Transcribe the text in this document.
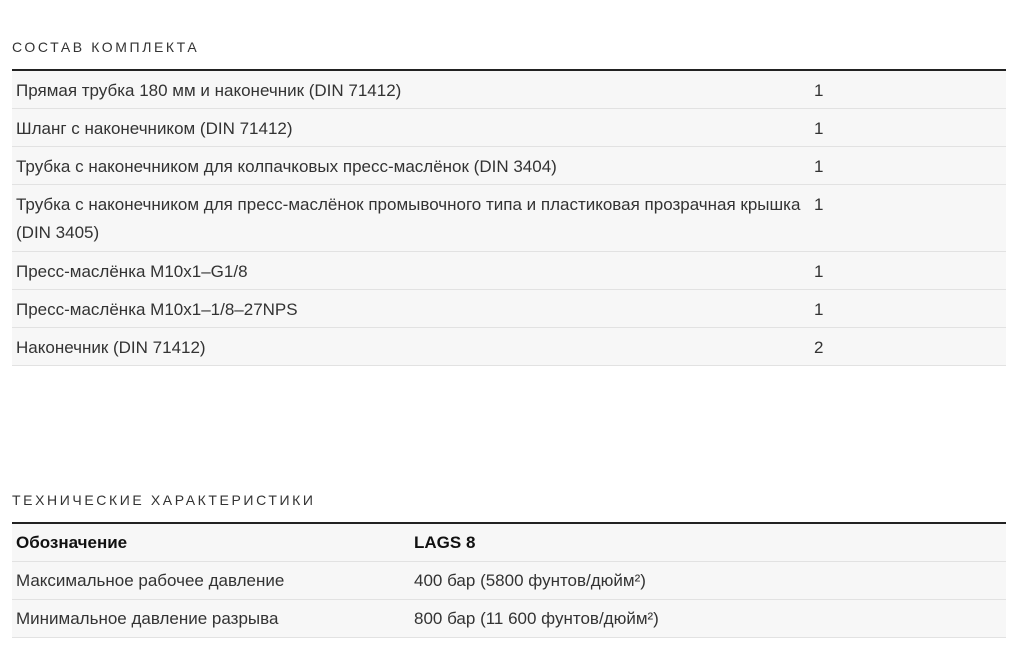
СОСТАВ КОМПЛЕКТА
Прямая трубка 180 мм и наконечник (DIN 71412)	1
Шланг с наконечником (DIN 71412)	1
Трубка с наконечником для колпачковых пресс-маслёнок (DIN 3404)	1
Трубка с наконечником для пресс-маслёнок промывочного типа и пластиковая прозрачная крышка (DIN 3405)	1
Пресс-маслёнка M10x1–G1/8	1
Пресс-маслёнка M10x1–1/8–27NPS	1
Наконечник (DIN 71412)	2
ТЕХНИЧЕСКИЕ ХАРАКТЕРИСТИКИ
Обозначение	LAGS 8
Максимальное рабочее давление	400 бар (5800 фунтов/дюйм²)
Минимальное давление разрыва	800 бар (11 600 фунтов/дюйм²)
